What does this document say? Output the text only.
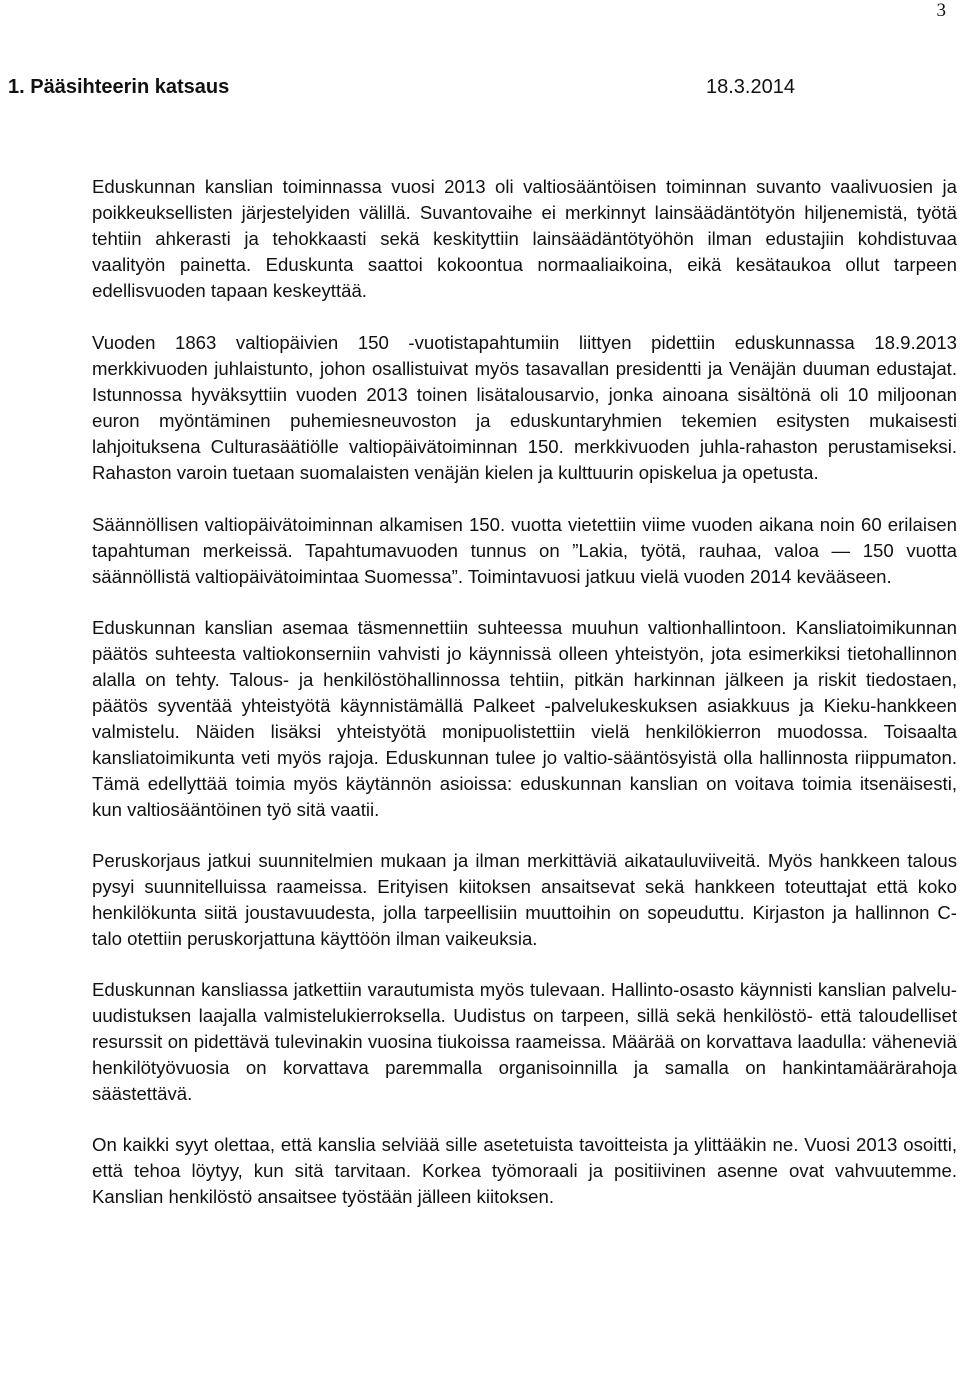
3
1. Pääsihteerin katsaus	18.3.2014

Eduskunnan kanslian toiminnassa vuosi 2013 oli valtiosääntöisen toiminnan suvanto vaalivuosien ja poikkeuksellisten järjestelyiden välillä. Suvantovaihe ei merkinnyt lainsäädäntötyön hiljenemistä, työtä tehtiin ahkerasti ja tehokkaasti sekä keskityttiin lainsäädäntötyöhön ilman edustajiin kohdistuvaa vaalityön painetta. Eduskunta saattoi kokoontua normaaliaikoina, eikä kesätaukoa ollut tarpeen edellisvuoden tapaan keskeyttää.

Vuoden 1863 valtiopäivien 150 -vuotistapahtumiin liittyen pidettiin eduskunnassa 18.9.2013 merkkivuoden juhlaistunto, johon osallistuivat myös tasavallan presidentti ja Venäjän duuman edustajat. Istunnossa hyväksyttiin vuoden 2013 toinen lisätalousarvio, jonka ainoana sisältönä oli 10 miljoonan euron myöntäminen puhemiesneuvoston ja eduskuntaryhmien tekemien esitysten mukaisesti lahjoituksena Culturasäätiölle valtiopäivätoiminnan 150. merkkivuoden juhla-rahaston perustamiseksi. Rahaston varoin tuetaan suomalaisten venäjän kielen ja kulttuurin opiskelua ja opetusta.

Säännöllisen valtiopäivätoiminnan alkamisen 150. vuotta vietettiin viime vuoden aikana noin 60 erilaisen tapahtuman merkeissä. Tapahtumavuoden tunnus on ”Lakia, työtä, rauhaa, valoa — 150 vuotta säännöllistä valtiopäivätoimintaa Suomessa”. Toimintavuosi jatkuu vielä vuoden 2014 kevääseen.

Eduskunnan kanslian asemaa täsmennettiin suhteessa muuhun valtionhallintoon. Kansliatoimikunnan päätös suhteesta valtiokonserniin vahvisti jo käynnissä olleen yhteistyön, jota esimerkiksi tietohallinnon alalla on tehty. Talous- ja henkilöstöhallinnossa tehtiin, pitkän harkinnan jälkeen ja riskit tiedostaen, päätös syventää yhteistyötä käynnistämällä Palkeet -palvelukeskuksen asiakkuus ja Kieku-hankkeen valmistelu. Näiden lisäksi yhteistyötä monipuolistettiin vielä henkilökierron muodossa. Toisaalta kansliatoimikunta veti myös rajoja. Eduskunnan tulee jo valtio-sääntösyistä olla hallinnosta riippumaton. Tämä edellyttää toimia myös käytännön asioissa: eduskunnan kanslian on voitava toimia itsenäisesti, kun valtiosääntöinen työ sitä vaatii.

Peruskorjaus jatkui suunnitelmien mukaan ja ilman merkittäviä aikatauluviiveitä. Myös hankkeen talous pysyi suunnitelluissa raameissa. Erityisen kiitoksen ansaitsevat sekä hankkeen toteuttajat että koko henkilökunta siitä joustavuudesta, jolla tarpeellisiin muuttoihin on sopeuduttu. Kirjaston ja hallinnon C-talo otettiin peruskorjattuna käyttöön ilman vaikeuksia.

Eduskunnan kansliassa jatkettiin varautumista myös tulevaan. Hallinto-osasto käynnisti kanslian palvelu-uudistuksen laajalla valmistelukierroksella. Uudistus on tarpeen, sillä sekä henkilöstö- että taloudelliset resurssit on pidettävä tulevinakin vuosina tiukoissa raameissa. Määrää on korvattava laadulla: väheneviä henkilötyövuosia on korvattava paremmalla organisoinnilla ja samalla on hankintamäärärahoja säästettävä.

On kaikki syyt olettaa, että kanslia selviää sille asetetuista tavoitteista ja ylittääkin ne. Vuosi 2013 osoitti, että tehoa löytyy, kun sitä tarvitaan. Korkea työmoraali ja positiivinen asenne ovat vahvuutemme. Kanslian henkilöstö ansaitsee työstään jälleen kiitoksen.
